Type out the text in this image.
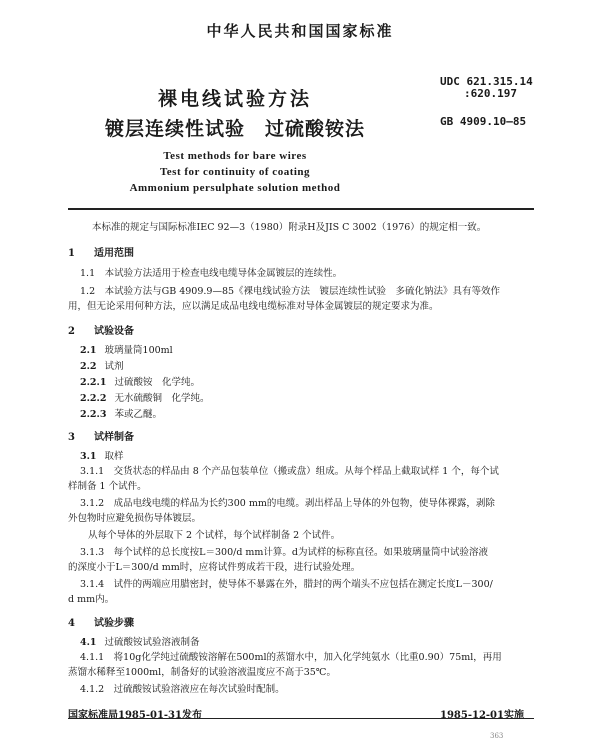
中华人民共和国国家标准
裸电线试验方法
镀层连续性试验　过硫酸铵法
UDC 621.315.14
:620.197
GB 4909.10—85
Test methods for bare wires
Test for continuity of coating
Ammonium persulphate solution method
本标准的规定与国际标准IEC 92—3（1980）附录H及JIS C 3002（1976）的规定相一致。
1 适用范围
1.1　本试验方法适用于检查电线电缆导体金属镀层的连续性。
1.2　本试验方法与GB 4909.9—85《裸电线试验方法　镀层连续性试验　多硫化钠法》具有等效作
用，但无论采用何种方法，应以满足成品电线电缆标准对导体金属镀层的规定要求为准。
2 试验设备
2.1 玻璃量筒100ml
2.2 试剂
2.2.1 过硫酸铵　化学纯。
2.2.2 无水硫酸铜　化学纯。
2.2.3 苯或乙醚。
3 试样制备
3.1 取样
3.1.1　交货状态的样品由 8 个产品包装单位（搬或盘）组成。从每个样品上截取试样 1 个，每个试
样制备 1 个试件。
3.1.2　成品电线电缆的样品为长约300 mm的电缆。剥出样品上导体的外包物，使导体裸露，剥除
外包物时应避免损伤导体镀层。
从每个导体的外层取下 2 个试样，每个试样制备 2 个试件。
3.1.3　每个试样的总长度按L＝300/d mm计算。d为试样的标称直径。如果玻璃量筒中试验溶液
的深度小于L＝300/d mm时，应将试件剪成若干段，进行试验处理。
3.1.4　试件的两端应用腊密封，使导体不暴露在外，腊封的两个端头不应包括在测定长度L－300/
d mm内。
4 试验步骤
4.1 过硫酸铵试验溶液制备
4.1.1　将10g化学纯过硫酸铵溶解在500ml的蒸馏水中，加入化学纯氨水（比重0.90）75ml，再用
蒸馏水稀释至1000ml，制备好的试验溶液温度应不高于35℃。
4.1.2　过硫酸铵试验溶液应在每次试验时配制。
国家标准局1985-01-31发布	1985-12-01实施
363
